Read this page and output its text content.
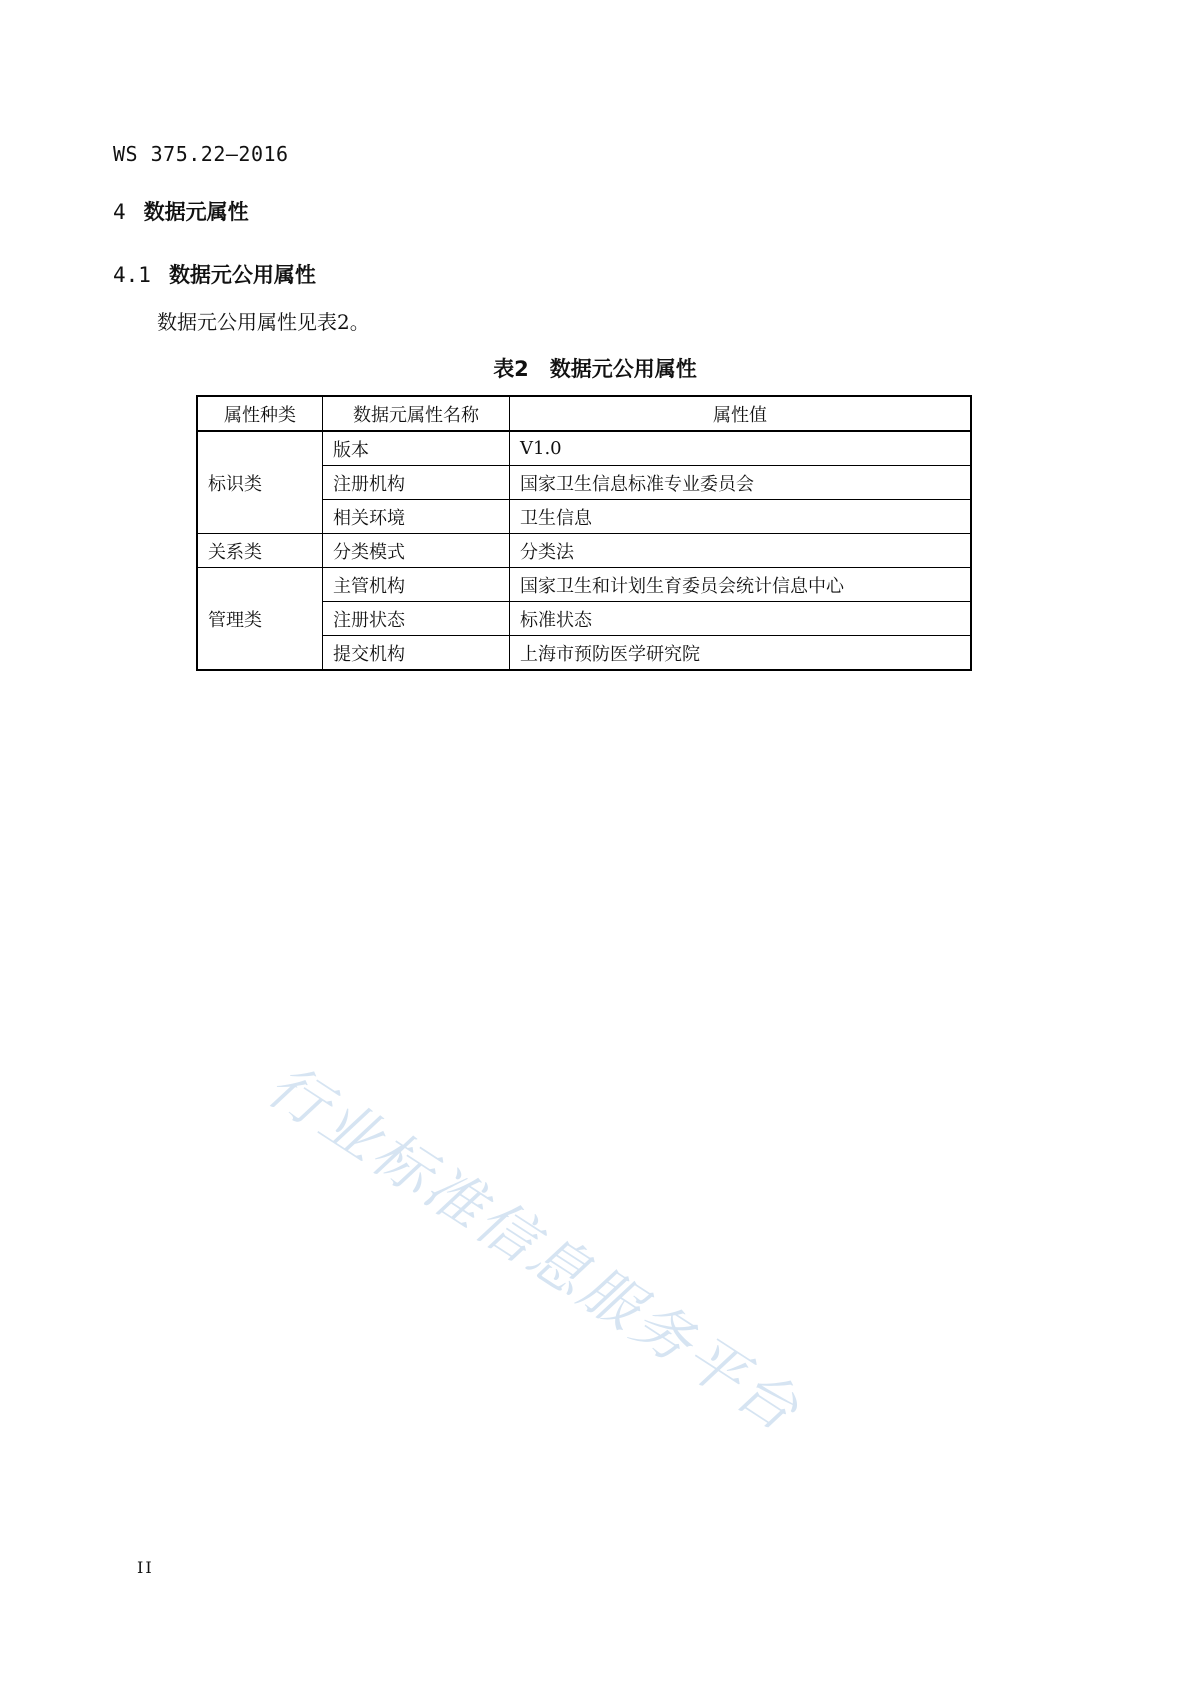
WS 375.22—2016
4 数据元属性
4.1 数据元公用属性
数据元公用属性见表2。
表2　数据元公用属性
属性种类	数据元属性名称	属性值
标识类	版本	V1.0
	注册机构	国家卫生信息标准专业委员会
	相关环境	卫生信息
关系类	分类模式	分类法
管理类	主管机构	国家卫生和计划生育委员会统计信息中心
	注册状态	标准状态
	提交机构	上海市预防医学研究院
行业标准信息服务平台
II
